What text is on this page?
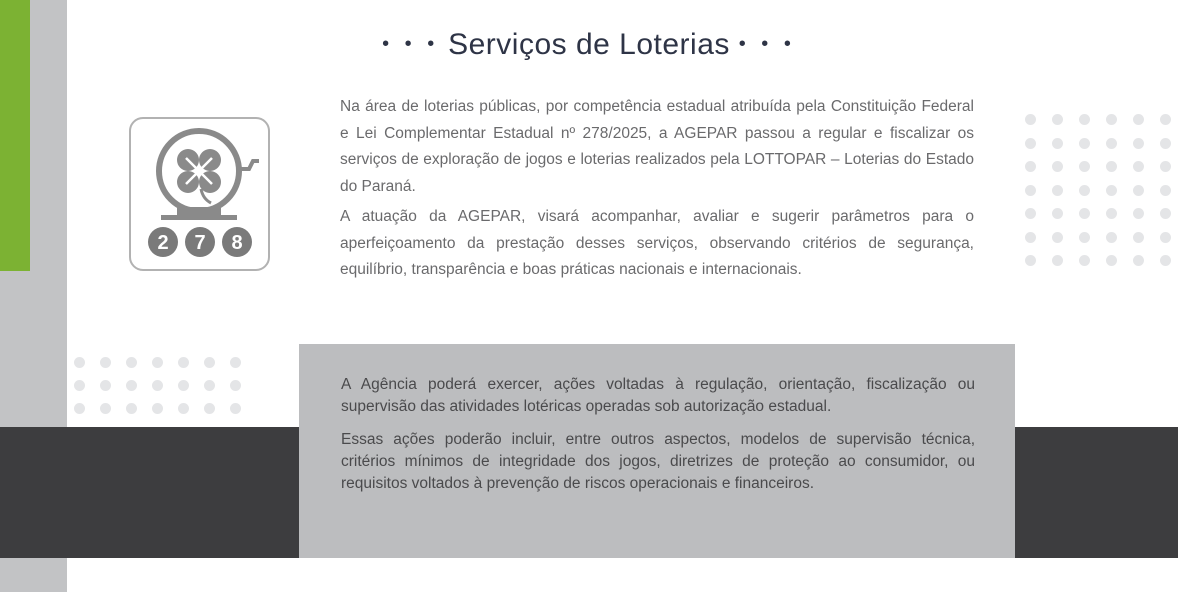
• • • Serviços de Loterias • • •
2 7 8

Na área de loterias públicas, por competência estadual atribuída pela Constituição Federal e Lei Complementar Estadual nº 278/2025, a AGEPAR passou a regular e fiscalizar os serviços de exploração de jogos e loterias realizados pela LOTTOPAR – Loterias do Estado do Paraná.

A atuação da AGEPAR, visará acompanhar, avaliar e sugerir parâmetros para o aperfeiçoamento da prestação desses serviços, observando critérios de segurança, equilíbrio, transparência e boas práticas nacionais e internacionais.

A Agência poderá exercer, ações voltadas à regulação, orientação, fiscalização ou supervisão das atividades lotéricas operadas sob autorização estadual.

Essas ações poderão incluir, entre outros aspectos, modelos de supervisão técnica, critérios mínimos de integridade dos jogos, diretrizes de proteção ao consumidor, ou requisitos voltados à prevenção de riscos operacionais e financeiros.
